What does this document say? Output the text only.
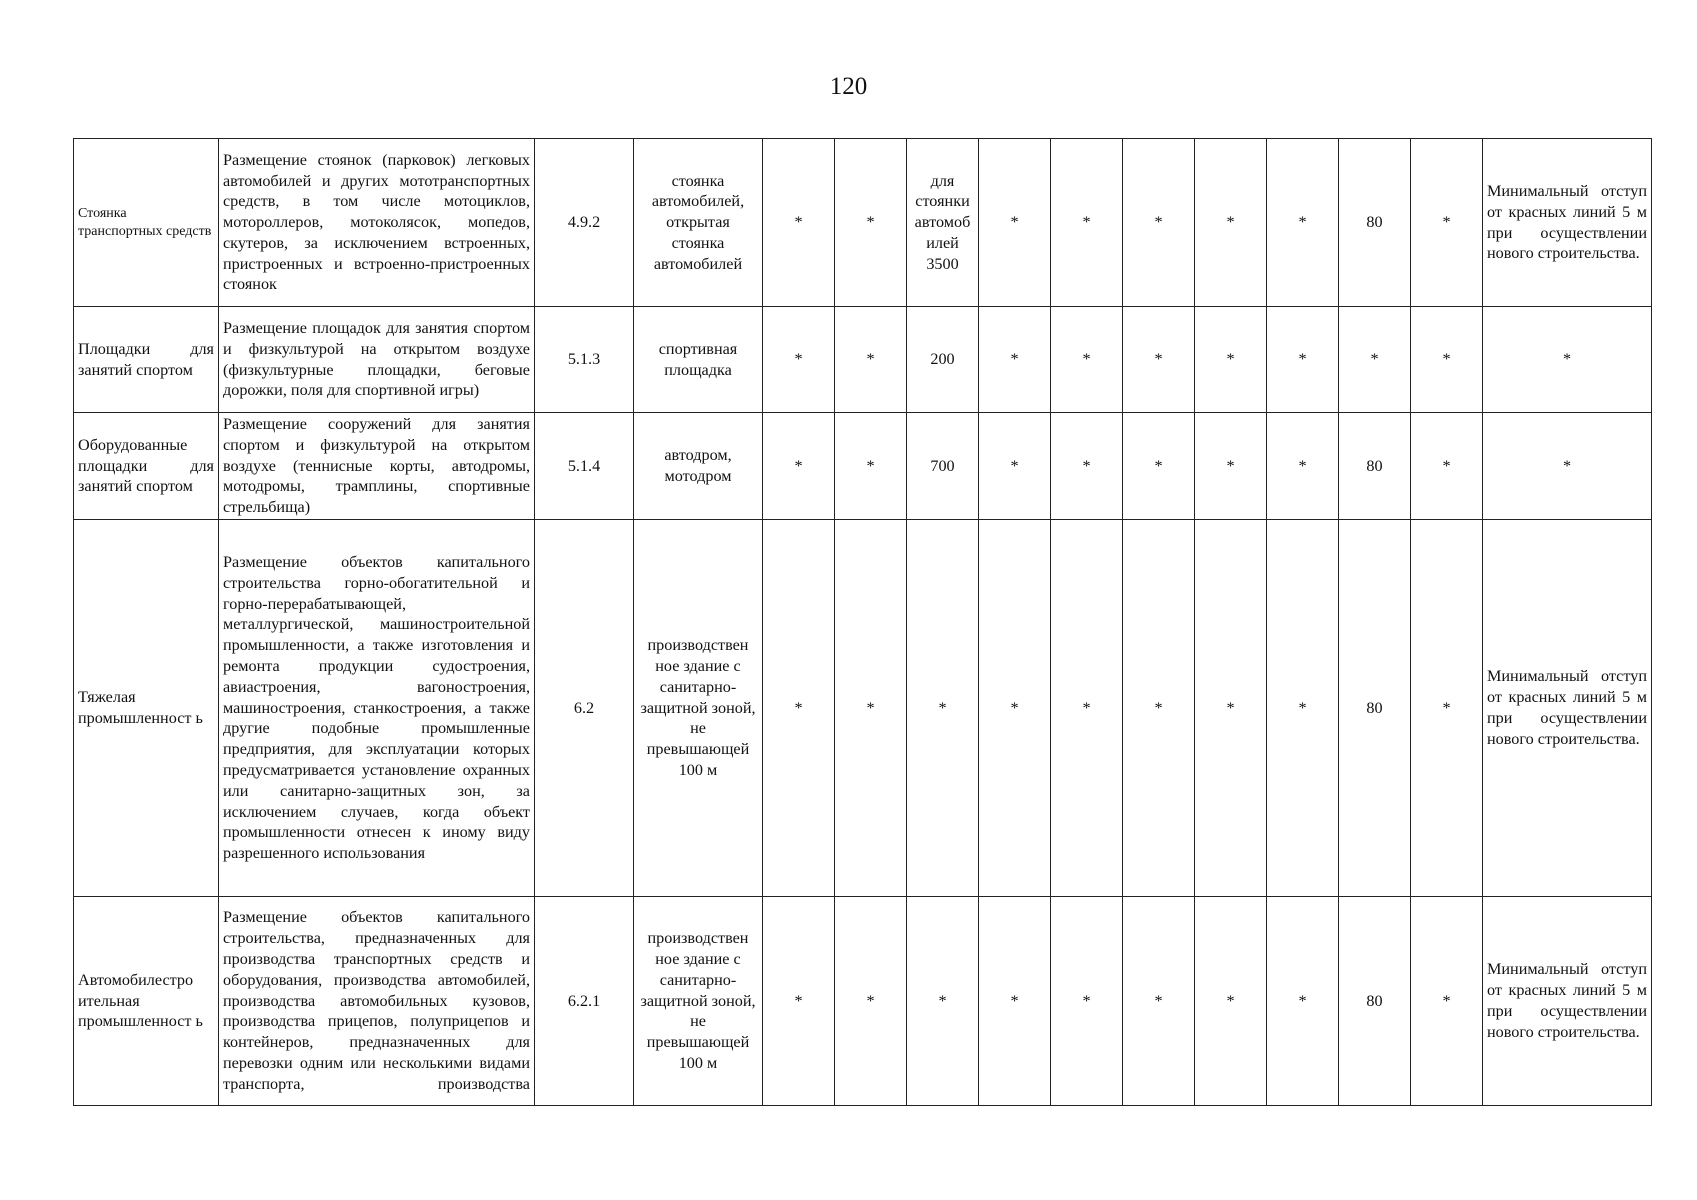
120
Стоянка транспортных средств	Размещение стоянок (парковок) легковых автомобилей и других мототранспортных средств, в том числе мотоциклов, мотороллеров, мотоколясок, мопедов, скутеров, за исключением встроенных, пристроенных и встроенно-пристроенных стоянок	4.9.2	стоянка автомобилей, открытая стоянка автомобилей	*	*	для стоянки автомоб илей 3500	*	*	*	*	*	80	*	Минимальный отступ от красных линий 5 м при осуществлении нового строительства.
Площадки для занятий спортом	Размещение площадок для занятия спортом и физкультурой на открытом воздухе (физкультурные площадки, беговые дорожки, поля для спортивной игры)	5.1.3	спортивная площадка	*	*	200	*	*	*	*	*	*	*	*
Оборудованные площадки для занятий спортом	Размещение сооружений для занятия спортом и физкультурой на открытом воздухе (теннисные корты, автодромы, мотодромы, трамплины, спортивные стрельбища)	5.1.4	автодром, мотодром	*	*	700	*	*	*	*	*	80	*	*
Тяжелая промышленност ь	Размещение объектов капитального строительства горно-обогатительной и горно-перерабатывающей, металлургической, машиностроительной промышленности, а также изготовления и ремонта продукции судостроения, авиастроения, вагоностроения, машиностроения, станкостроения, а также другие подобные промышленные предприятия, для эксплуатации которых предусматривается установление охранных или санитарно-защитных зон, за исключением случаев, когда объект промышленности отнесен к иному виду разрешенного использования	6.2	производствен ное здание с санитарно-защитной зоной, не превышающей 100 м	*	*	*	*	*	*	*	*	80	*	Минимальный отступ от красных линий 5 м при осуществлении нового строительства.
Автомобилестро ительная промышленност ь	Размещение объектов капитального строительства, предназначенных для производства транспортных средств и оборудования, производства автомобилей, производства автомобильных кузовов, производства прицепов, полуприцепов и контейнеров, предназначенных для перевозки одним или несколькими видами транспорта, производства	6.2.1	производствен ное здание с санитарно-защитной зоной, не превышающей 100 м	*	*	*	*	*	*	*	*	80	*	Минимальный отступ от красных линий 5 м при осуществлении нового строительства.
